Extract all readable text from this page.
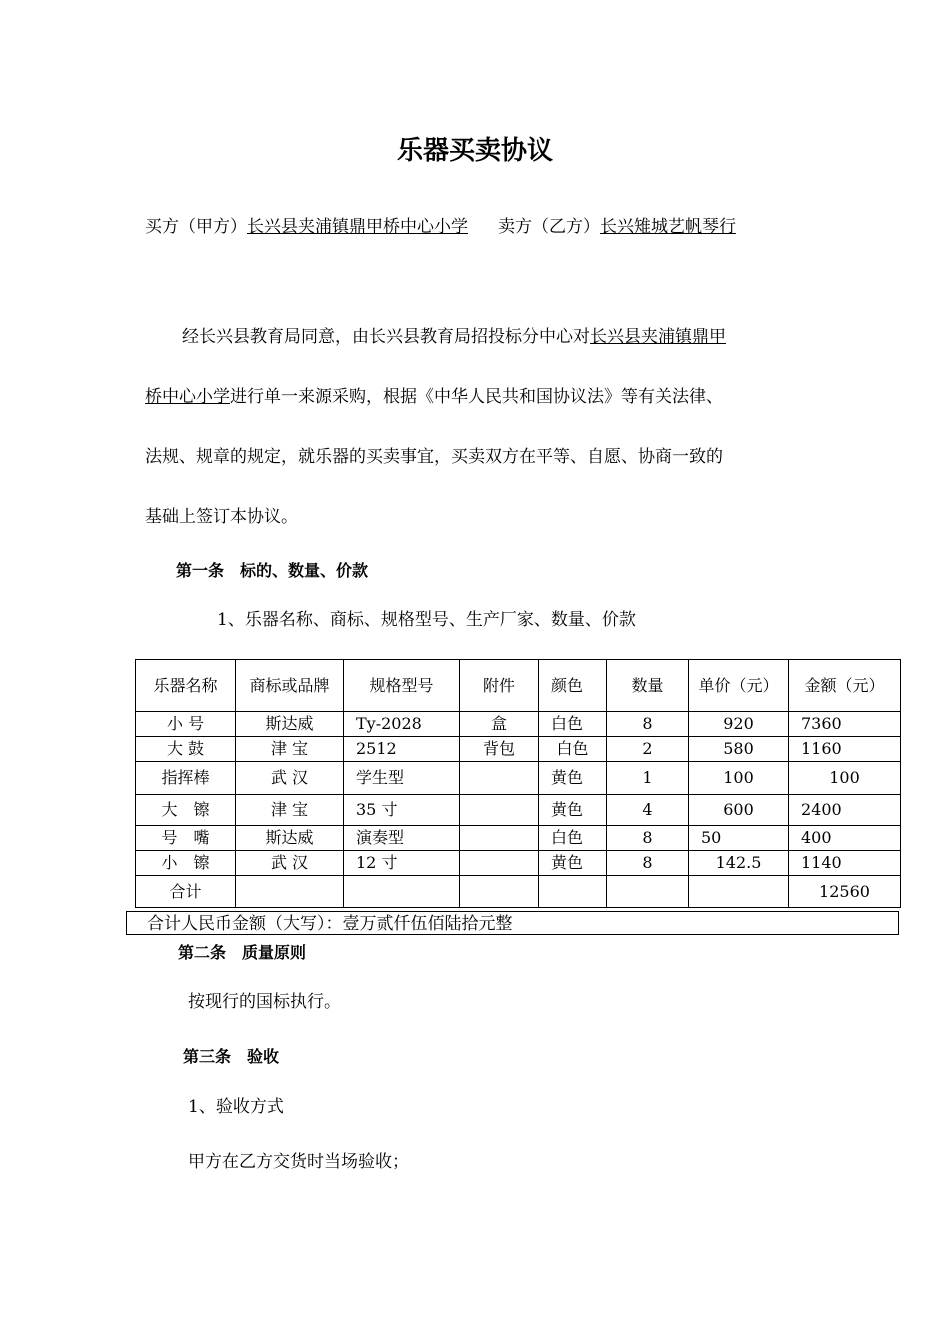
乐器买卖协议
买方（甲方）长兴县夹浦镇鼎甲桥中心小学 卖方（乙方）长兴雉城艺帆琴行
经长兴县教育局同意，由长兴县教育局招投标分中心对长兴县夹浦镇鼎甲
桥中心小学进行单一来源采购，根据《中华人民共和国协议法》等有关法律、
法规、规章的规定，就乐器的买卖事宜，买卖双方在平等、自愿、协商一致的
基础上签订本协议。
第一条　标的、数量、价款
1、乐器名称、商标、规格型号、生产厂家、数量、价款
乐器名称	商标或品牌	规格型号	附件	颜色	数量	单价（元）	金额（元）
小 号	斯达威	Ty-2028	盒	白色	8	920	7360
大 鼓	津 宝	2512	背包	白色	2	580	1160
指挥棒	武 汉	学生型		黄色	1	100	100
大　镲	津 宝	35 寸		黄色	4	600	2400
号　嘴	斯达威	演奏型		白色	8	50	400
小　镲	武 汉	12 寸		黄色	8	142.5	1140
合计							12560
合计人民币金额（大写）：壹万贰仟伍佰陆拾元整
第二条　质量原则
按现行的国标执行。
第三条　验收
1、验收方式
甲方在乙方交货时当场验收；
